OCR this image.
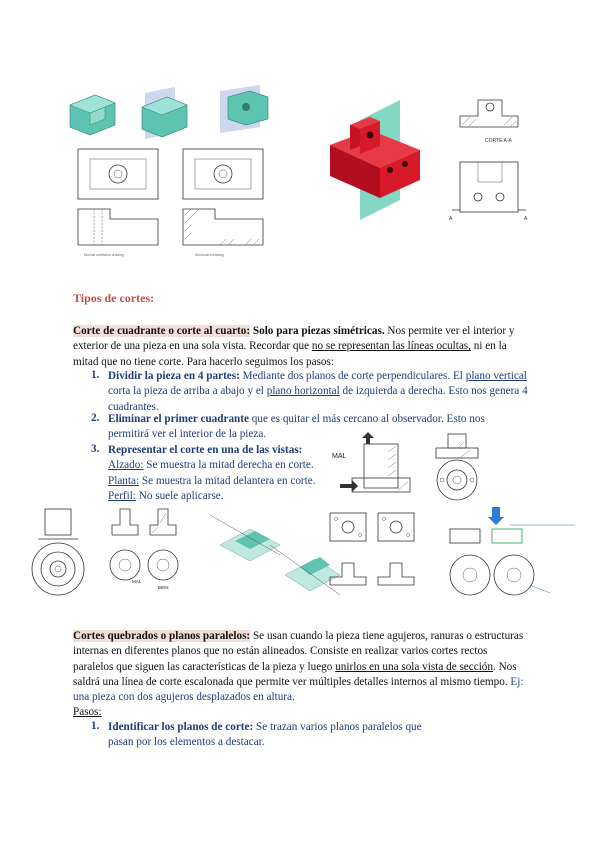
Normal multiview drawing	Sectioned drawing
CORTE A-A
A	A
Tipos de cortes:
Corte de cuadrante o corte al cuarto: Solo para piezas simétricas. Nos permite ver el interior y exterior de una pieza en una sola vista. Recordar que no se representan las líneas ocultas, ni en la mitad que no tiene corte. Para hacerlo seguimos los pasos:
1. Dividir la pieza en 4 partes: Mediante dos planos de corte perpendiculares. El plano vertical corta la pieza de arriba a abajo y el plano horizontal de izquierda a derecha. Esto nos genera 4 cuadrantes.
2. Eliminar el primer cuadrante que es quitar el más cercano al observador. Esto nos permitirá ver el interior de la pieza.
3. Representar el corte en una de las vistas:
Alzado: Se muestra la mitad derecha en corte.
Planta: Se muestra la mitad delantera en corte.
Perfil: No suele aplicarse.
MAL
MAL
BIEN
Cortes quebrados o planos paralelos: Se usan cuando la pieza tiene agujeros, ranuras o estructuras internas en diferentes planos que no están alineados. Consiste en realizar varios cortes rectos paralelos que siguen las características de la pieza y luego unirlos en una sola vista de sección. Nos saldrá una línea de corte escalonada que permite ver múltiples detalles internos al mismo tiempo. Ej: una pieza con dos agujeros desplazados en altura.
Pasos:
1. Identificar los planos de corte: Se trazan varios planos paralelos que pasan por los elementos a destacar.
